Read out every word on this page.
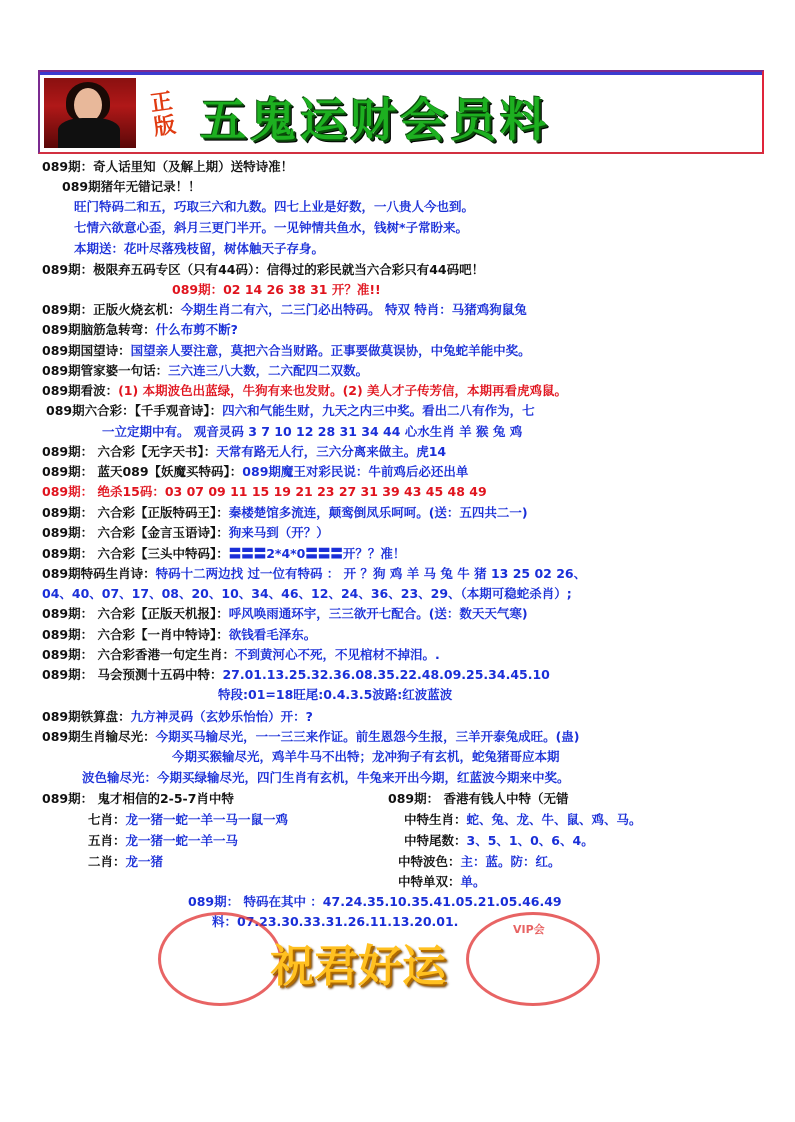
正版 五鬼运财会员料
089期：奇人话里知（及解上期）送特诗准！
089期猪年无错记录！！
旺门特码二和五，巧取三六和九数。四七上业是好数，一八贵人今也到。
七情六欲意心歪，斜月三更门半开。一见钟情共鱼水，钱树*子常盼来。
本期送：花叶尽落残枝留，树体触天子存身。
089期：极限弃五码专区（只有44码）：信得过的彩民就当六合彩只有44码吧！
089期：02 14 26 38 31 开？准!!
089期：正版火烧玄机：今期生肖二有六，二三门必出特码。 特双 特肖：马猪鸡狗鼠兔
089期脑筋急转弯：什么布剪不断?
089期国望诗：国望亲人要注意，莫把六合当财路。正事要做莫误协，中兔蛇羊能中奖。
089期管家婆一句话：三六连三八大数，二六配四二双数。
089期看波：(1) 本期波色出蓝绿，牛狗有来也发财。(2) 美人才子传芳信，本期再看虎鸡鼠。
089期六合彩：【千手观音诗】：四六和气能生财，九天之内三中奖。看出二八有作为，七
一立定期中有。 观音灵码 3 7 10 12 28 31 34 44 心水生肖 羊 猴 兔 鸡
089期： 六合彩【无字天书】：天常有路无人行，三六分离来做主。虎14
089期： 蓝天089【妖魔买特码】：089期魔王对彩民说：牛前鸡后必还出单
089期： 绝杀15码：03 07 09 11 15 19 21 23 27 31 39 43 45 48 49
089期： 六合彩【正版特码王】：秦楼楚馆多流连，颠鸾倒凤乐呵呵。(送：五四共二一)
089期： 六合彩【金言玉语诗】：狗来马到（开？）
089期： 六合彩【三头中特码】：〓〓〓2*4*0〓〓〓开？？准！
089期特码生肖诗：特码十二两边找 过一位有特码 ： 开 ？狗 鸡 羊 马 兔 牛 猪 13 25 02 26、
04、40、07、17、08、20、10、34、46、12、24、36、23、29、（本期可稳蛇杀肖）;
089期： 六合彩【正版天机报】：呼风唤雨通环宇，三三欲开七配合。(送：数天天气寒)
089期： 六合彩【一肖中特诗】：欲钱看毛泽东。
089期： 六合彩香港一句定生肖：不到黄河心不死，不见棺材不掉泪。.
089期： 马会预测十五码中特：27.01.13.25.32.36.08.35.22.48.09.25.34.45.10
特段:01=18旺尾:0.4.3.5波路:红波蓝波
089期铁算盘：九方神灵码（玄妙乐怡怡）开：?
089期生肖输尽光：今期买马输尽光，一一三三来作证。前生恩怨今生报，三羊开泰兔成旺。(蛊)
今期买猴输尽光，鸡羊牛马不出特；龙冲狗子有玄机，蛇兔猪哥应本期
波色输尽光：今期买绿输尽光，四门生肖有玄机，牛兔来开出今期，红蓝波今期来中奖。
089期： 鬼才相信的2-5-7肖中特
七肖：龙一猪一蛇一羊一马一鼠一鸡
五肖：龙一猪一蛇一羊一马
二肖：龙一猪
089期： 香港有钱人中特（无错
中特生肖：蛇、兔、龙、牛、鼠、鸡、马。
中特尾数：3、5、1、0、6、4。
中特波色：主：蓝。防：红。
中特单双：单。
089期： 特码在其中 ：47.24.35.10.35.41.05.21.05.46.49
料：07.23.30.33.31.26.11.13.20.01.
VIP会
祝君好运
